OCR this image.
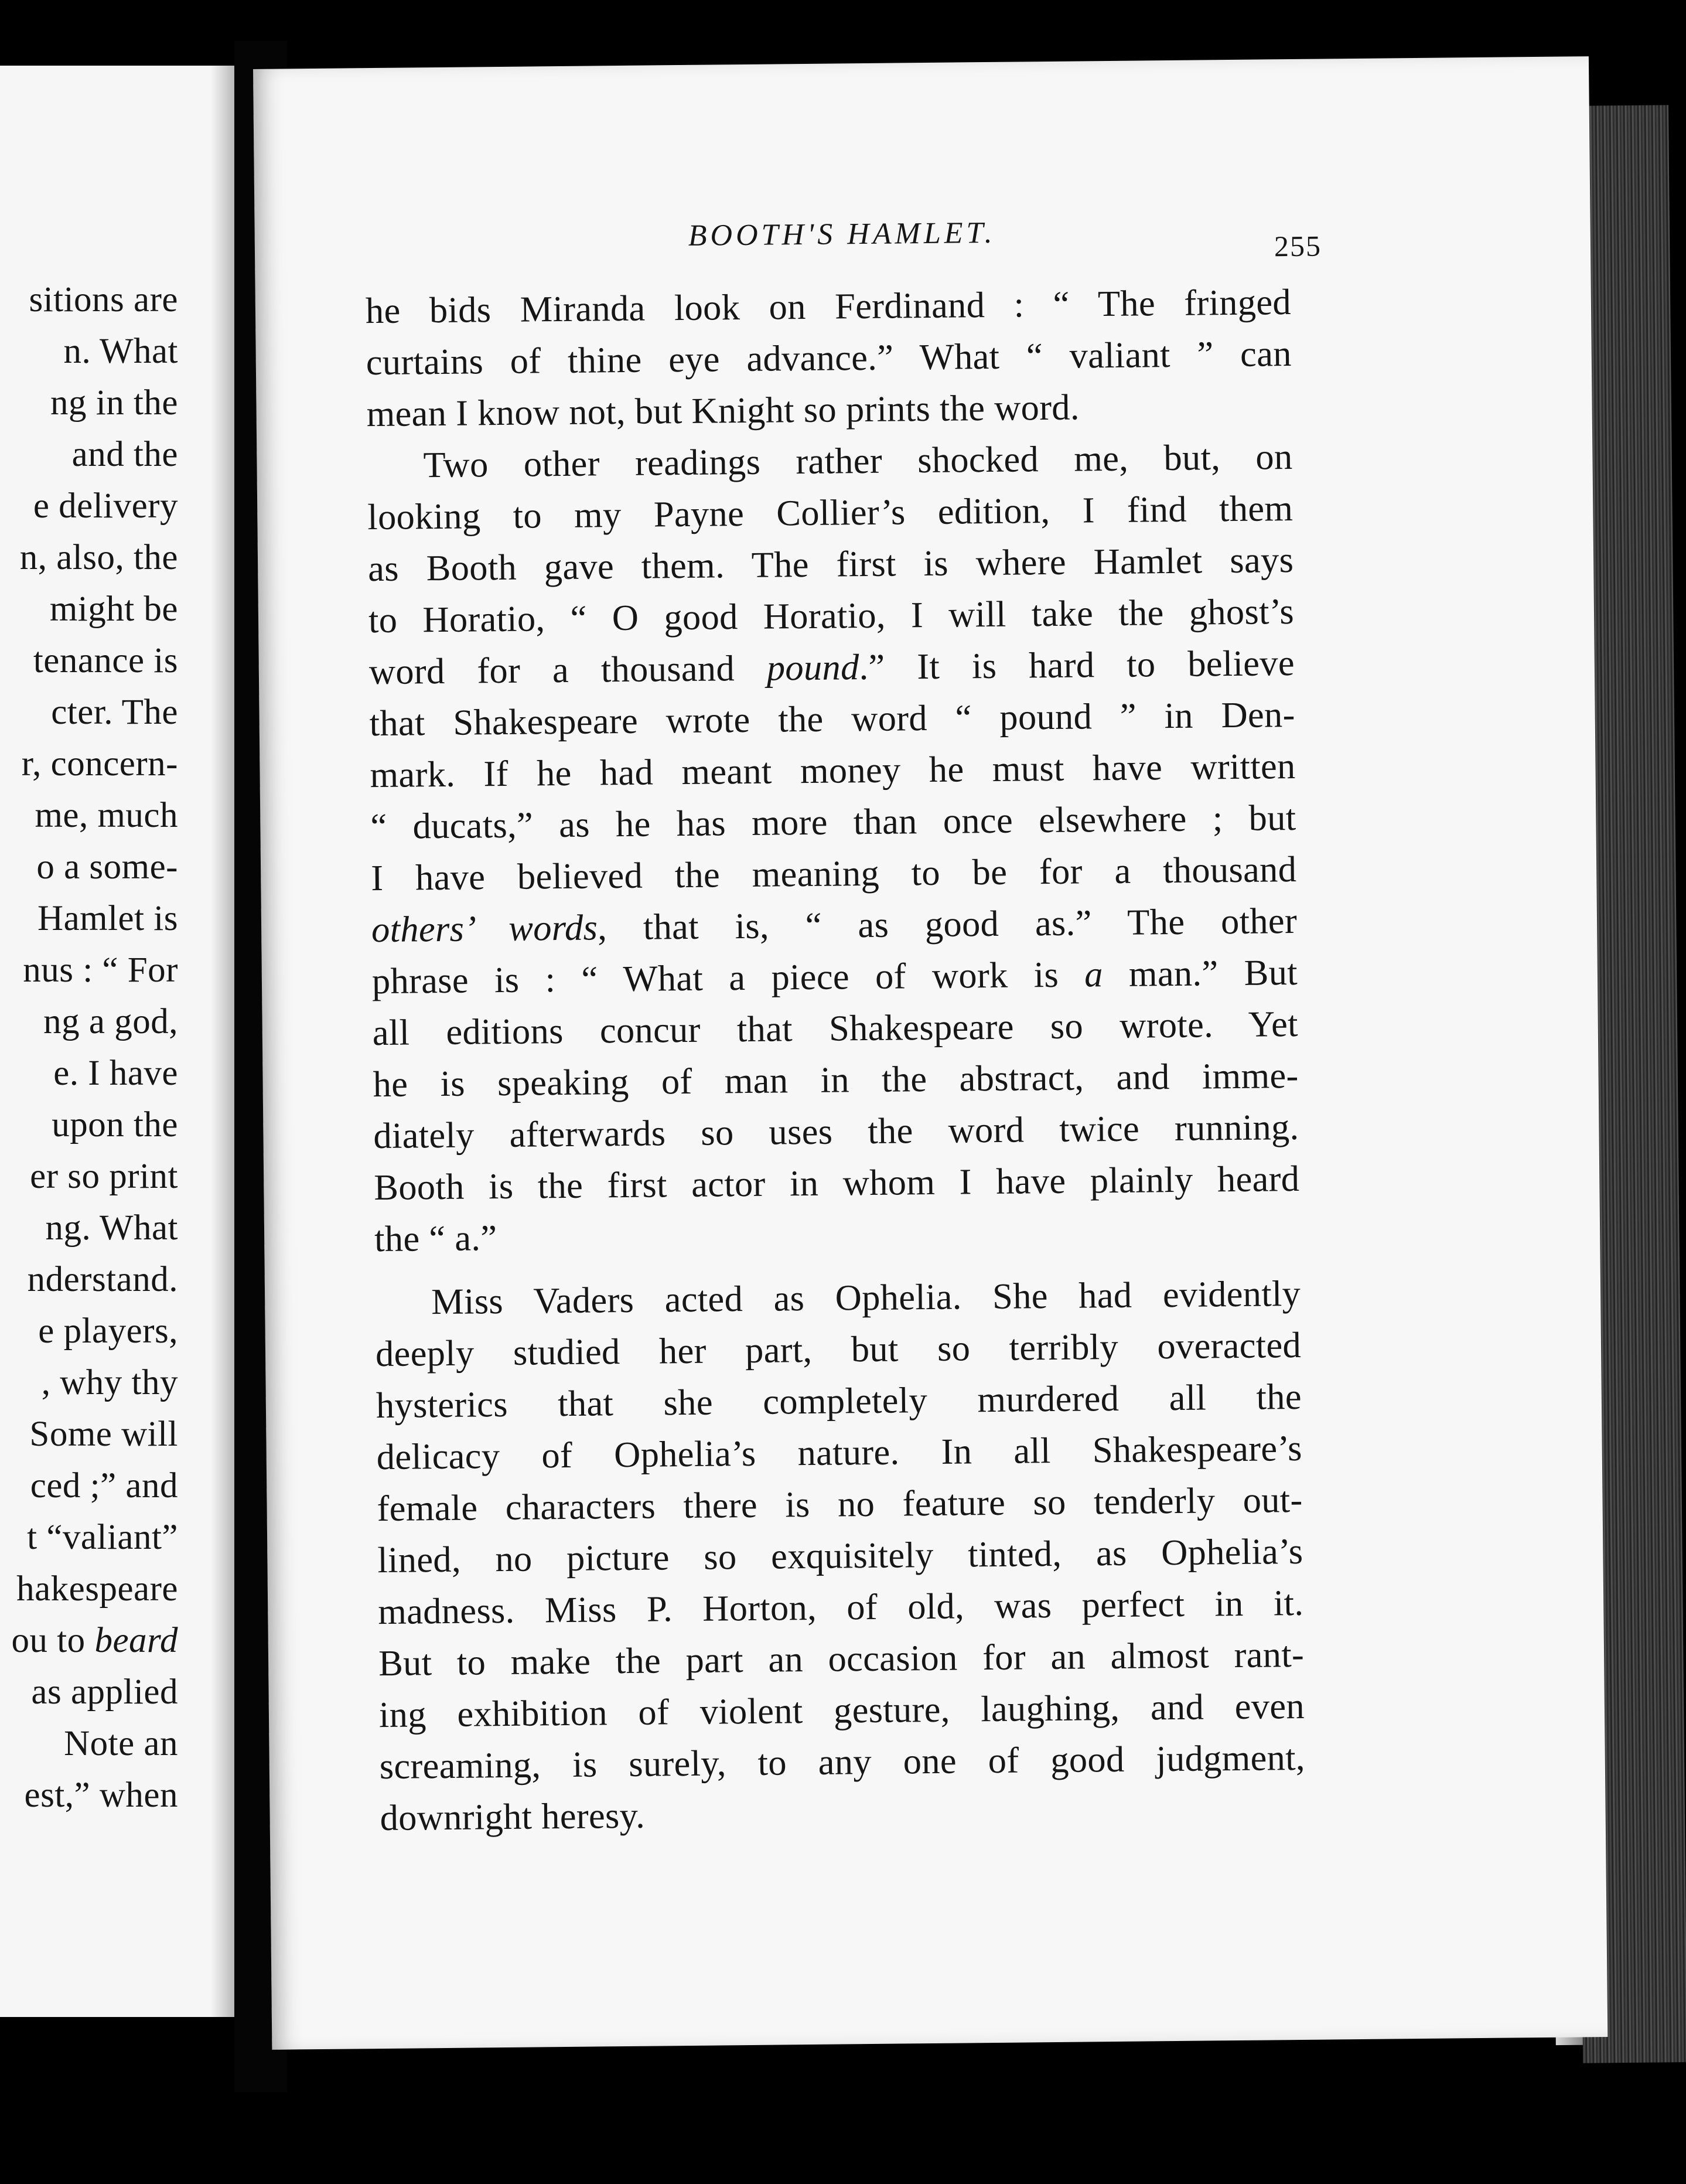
sitions are
n. What
ng in the
and the
e delivery
n, also, the
might be
tenance is
cter. The
r, concern-
me, much
o a some-
Hamlet is
nus : “ For
ng a god,
e. I have
upon the
er so print
ng. What
nderstand.
e players,
, why thy
Some will
ced ;” and
t “valiant”
hakespeare
ou to beard
as applied
Note an
est,” when
BOOTH'S HAMLET.	255
he bids Miranda look on Ferdinand : “ The fringed
curtains of thine eye advance.” What “ valiant ” can
mean I know not, but Knight so prints the word.
Two other readings rather shocked me, but, on
looking to my Payne Collier’s edition, I find them
as Booth gave them. The first is where Hamlet says
to Horatio, “ O good Horatio, I will take the ghost’s
word for a thousand pound.” It is hard to believe
that Shakespeare wrote the word “ pound ” in Den-
mark. If he had meant money he must have written
“ ducats,” as he has more than once elsewhere ; but
I have believed the meaning to be for a thousand
others’ words, that is, “ as good as.” The other
phrase is : “ What a piece of work is a man.” But
all editions concur that Shakespeare so wrote. Yet
he is speaking of man in the abstract, and imme-
diately afterwards so uses the word twice running.
Booth is the first actor in whom I have plainly heard
the “ a.”
Miss Vaders acted as Ophelia. She had evidently
deeply studied her part, but so terribly overacted
hysterics that she completely murdered all the
delicacy of Ophelia’s nature. In all Shakespeare’s
female characters there is no feature so tenderly out-
lined, no picture so exquisitely tinted, as Ophelia’s
madness. Miss P. Horton, of old, was perfect in it.
But to make the part an occasion for an almost rant-
ing exhibition of violent gesture, laughing, and even
screaming, is surely, to any one of good judgment,
downright heresy.
